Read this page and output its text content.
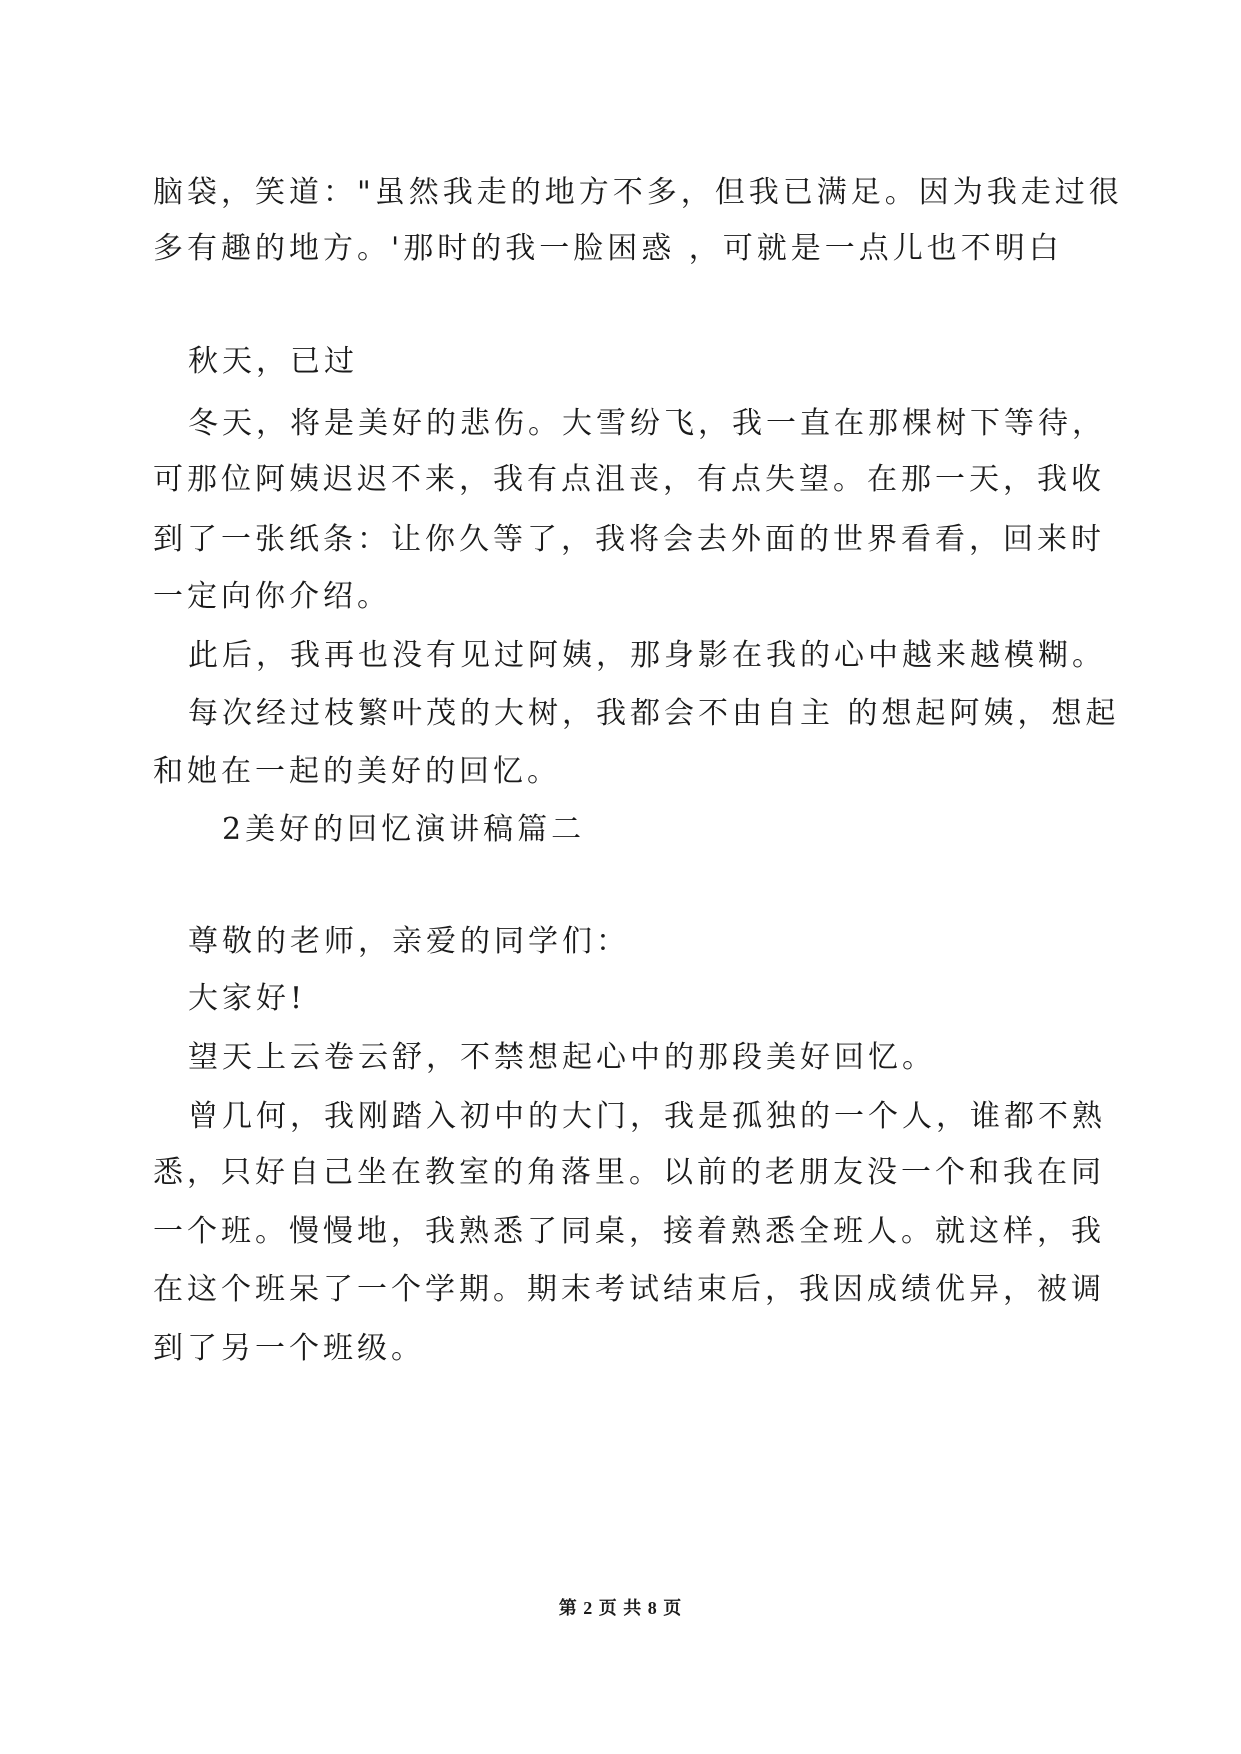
脑袋，笑道："虽然我走的地方不多，但我已满足。因为我走过很
多有趣的地方。'那时的我一脸困惑 ，可就是一点儿也不明白
秋天，已过
冬天，将是美好的悲伤。大雪纷飞，我一直在那棵树下等待，
可那位阿姨迟迟不来，我有点沮丧，有点失望。在那一天，我收
到了一张纸条：让你久等了，我将会去外面的世界看看，回来时
一定向你介绍。
此后，我再也没有见过阿姨，那身影在我的心中越来越模糊。
每次经过枝繁叶茂的大树，我都会不由自主 的想起阿姨，想起
和她在一起的美好的回忆。
2美好的回忆演讲稿篇二
尊敬的老师，亲爱的同学们：
大家好!
望天上云卷云舒，不禁想起心中的那段美好回忆。
曾几何，我刚踏入初中的大门，我是孤独的一个人，谁都不熟
悉，只好自己坐在教室的角落里。以前的老朋友没一个和我在同
一个班。慢慢地，我熟悉了同桌，接着熟悉全班人。就这样，我
在这个班呆了一个学期。期末考试结束后，我因成绩优异，被调
到了另一个班级。
第 2 页 共 8 页
